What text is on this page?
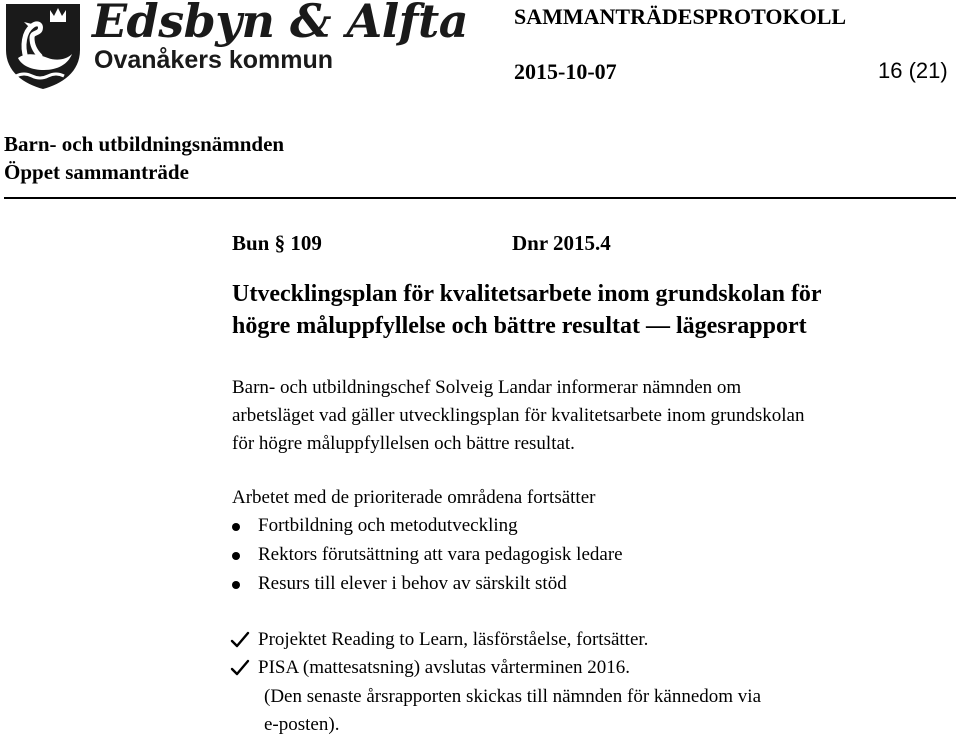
Edsbyn & Alfta
Ovanåkers kommun
SAMMANTRÄDESPROTOKOLL
2015-10-07	16 (21)
Barn- och utbildningsnämnden
Öppet sammanträde
Bun § 109	Dnr 2015.4
Utvecklingsplan för kvalitetsarbete inom grundskolan för
högre måluppfyllelse och bättre resultat — lägesrapport
Barn- och utbildningschef Solveig Landar informerar nämnden om
arbetsläget vad gäller utvecklingsplan för kvalitetsarbete inom grundskolan
för högre måluppfyllelsen och bättre resultat.
Arbetet med de prioriterade områdena fortsätter
Fortbildning och metodutveckling
Rektors förutsättning att vara pedagogisk ledare
Resurs till elever i behov av särskilt stöd
Projektet Reading to Learn, läsförståelse, fortsätter.
PISA (mattesatsning) avslutas vårterminen 2016.
(Den senaste årsrapporten skickas till nämnden för kännedom via
e-posten).
